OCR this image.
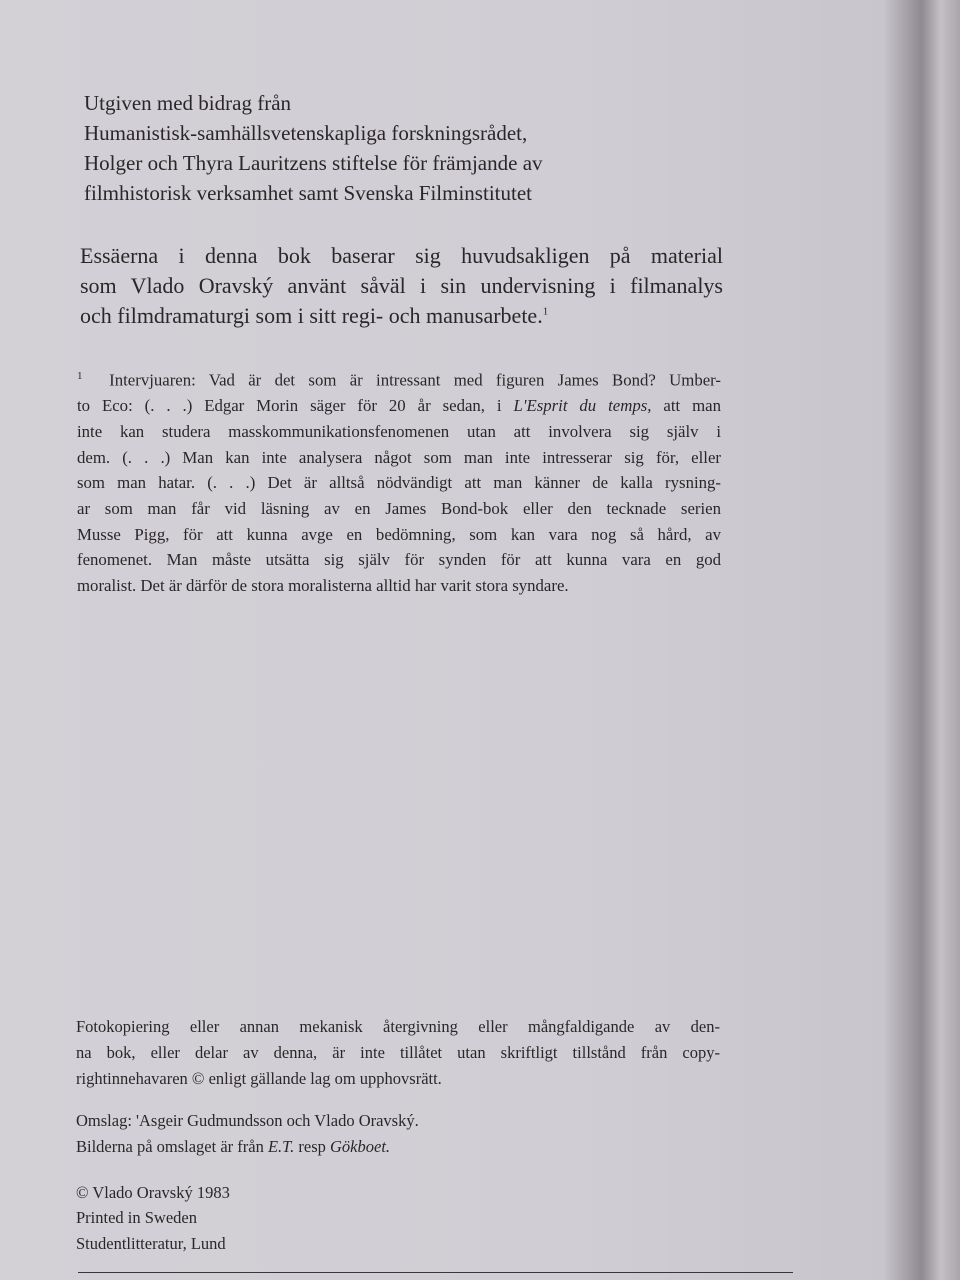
Utgiven med bidrag från
Humanistisk-samhällsvetenskapliga forskningsrådet,
Holger och Thyra Lauritzens stiftelse för främjande av
filmhistorisk verksamhet samt Svenska Filminstitutet
Essäerna i denna bok baserar sig huvudsakligen på material
som Vlado Oravský använt såväl i sin undervisning i filmanalys
och filmdramaturgi som i sitt regi- och manusarbete.$^1$
$^1$ Intervjuaren: Vad är det som är intressant med figuren James Bond? Umber-
to Eco: (. . .) Edgar Morin säger för 20 år sedan, i L'Esprit du temps, att man
inte kan studera masskommunikationsfenomenen utan att involvera sig själv i
dem. (. . .) Man kan inte analysera något som man inte intresserar sig för, eller
som man hatar. (. . .) Det är alltså nödvändigt att man känner de kalla rysning-
ar som man får vid läsning av en James Bond-bok eller den tecknade serien
Musse Pigg, för att kunna avge en bedömning, som kan vara nog så hård, av
fenomenet. Man måste utsätta sig själv för synden för att kunna vara en god
moralist. Det är därför de stora moralisterna alltid har varit stora syndare.
Fotokopiering eller annan mekanisk återgivning eller mångfaldigande av den-
na bok, eller delar av denna, är inte tillåtet utan skriftligt tillstånd från copy-
rightinnehavaren © enligt gällande lag om upphovsrätt.
Omslag: 'Asgeir Gudmundsson och Vlado Oravský.
Bilderna på omslaget är från E.T. resp Gökboet.
© Vlado Oravský 1983
Printed in Sweden
Studentlitteratur, Lund
